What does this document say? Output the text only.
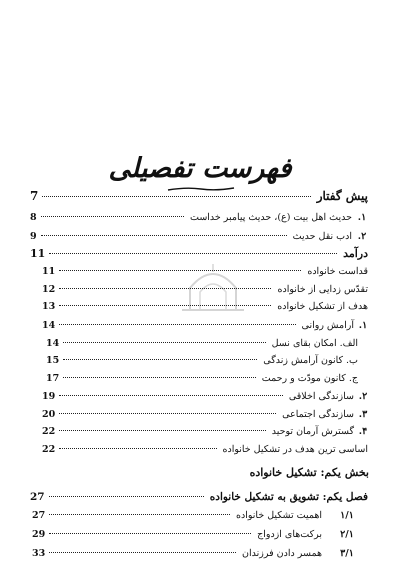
فهرست تفصیلی
پیش گفتار
7
۱.
حدیث اهل بیت (ع)، حدیث پیامبر خداست
8
۲.
ادب نقل حدیث
9
درآمد
11
قداست خانواده
11
تقدّس زدایی از خانواده
12
هدف از تشکیل خانواده
13
۱.
آرامش روانی
14
الف. امکان بقای نسل
14
ب. کانون آرامش زندگی
15
ج. کانون مودّت و رحمت
17
۲.
سازندگی اخلاقی
19
۳.
سازندگی اجتماعی
20
۴.
گسترش آرمان توحید
22
اساسی ترین هدف در تشکیل خانواده
22
بخش یکم: تشکیل خانواده
فصل یکم: تشویق به تشکیل خانواده
27
۱/۱
اهمیت تشکیل خانواده
27
۲/۱
برکت‌های ازدواج
29
۳/۱
همسر دادن فرزندان
33
